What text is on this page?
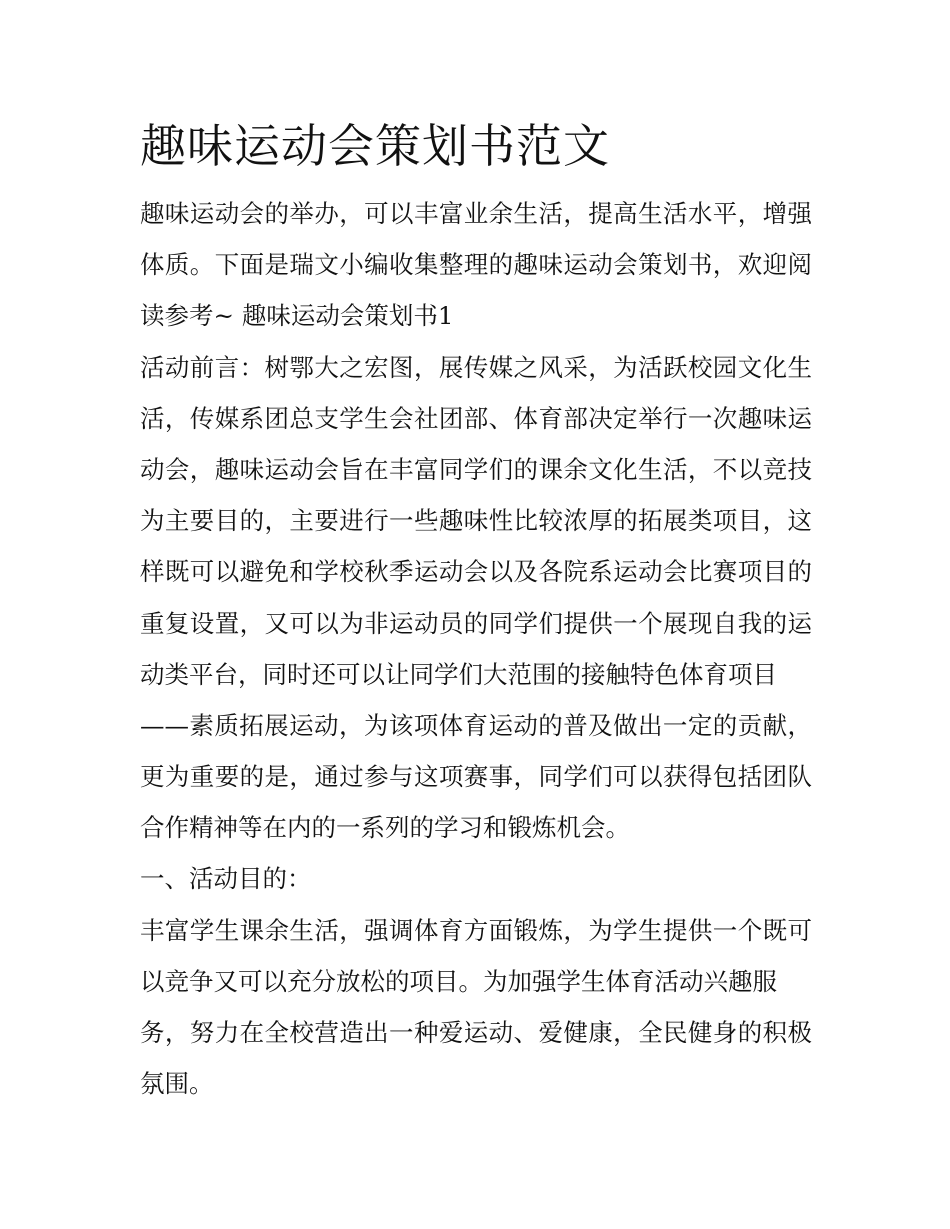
趣味运动会策划书范文
趣味运动会的举办，可以丰富业余生活，提高生活水平，增强
体质。下面是瑞文小编收集整理的趣味运动会策划书，欢迎阅
读参考~ 趣味运动会策划书1
活动前言：树鄂大之宏图，展传媒之风采，为活跃校园文化生
活，传媒系团总支学生会社团部、体育部决定举行一次趣味运
动会，趣味运动会旨在丰富同学们的课余文化生活，不以竞技
为主要目的，主要进行一些趣味性比较浓厚的拓展类项目，这
样既可以避免和学校秋季运动会以及各院系运动会比赛项目的
重复设置，又可以为非运动员的同学们提供一个展现自我的运
动类平台，同时还可以让同学们大范围的接触特色体育项目
——素质拓展运动，为该项体育运动的普及做出一定的贡献，
更为重要的是，通过参与这项赛事，同学们可以获得包括团队
合作精神等在内的一系列的学习和锻炼机会。
一、活动目的：
丰富学生课余生活，强调体育方面锻炼，为学生提供一个既可
以竞争又可以充分放松的项目。为加强学生体育活动兴趣服
务，努力在全校营造出一种爱运动、爱健康，全民健身的积极
氛围。
